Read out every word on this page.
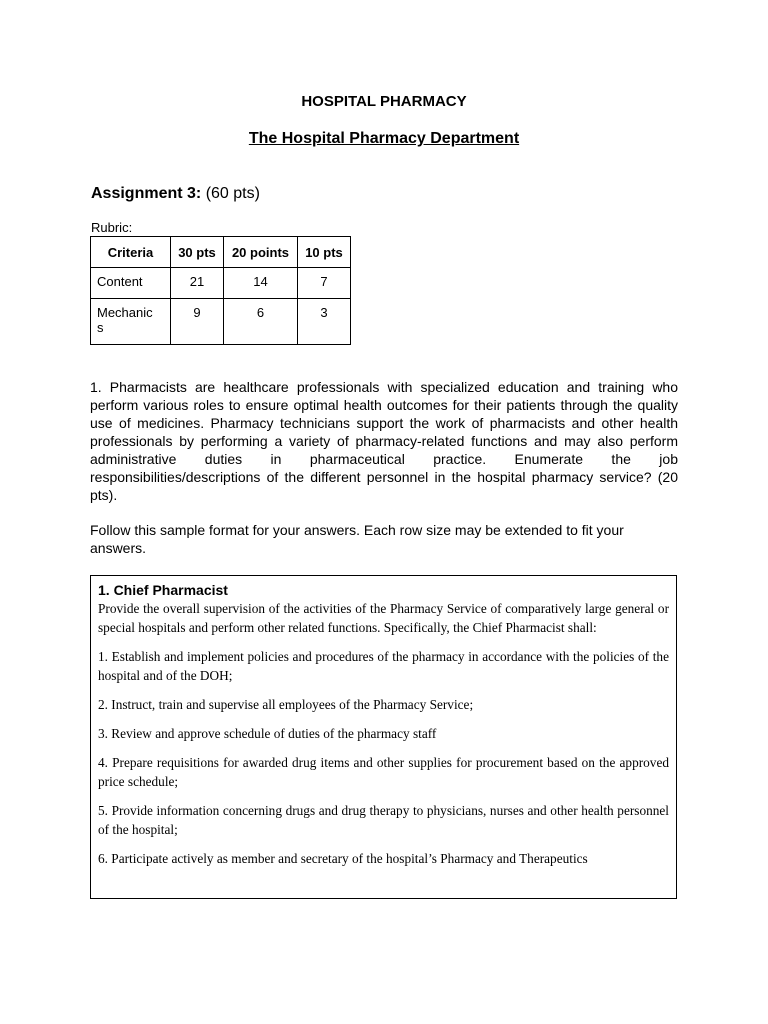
HOSPITAL PHARMACY
The Hospital Pharmacy Department
Assignment 3: (60 pts)
Rubric:
Criteria	30 pts	20 points	10 pts
Content	21	14	7
Mechanics	9	6	3
1. Pharmacists are healthcare professionals with specialized education and training who perform various roles to ensure optimal health outcomes for their patients through the quality use of medicines. Pharmacy technicians support the work of pharmacists and other health professionals by performing a variety of pharmacy-related functions and may also perform administrative duties in pharmaceutical practice. Enumerate the job responsibilities/descriptions of the different personnel in the hospital pharmacy service? (20 pts).
Follow this sample format for your answers. Each row size may be extended to fit your answers.
1. Chief Pharmacist
Provide the overall supervision of the activities of the Pharmacy Service of comparatively large general or special hospitals and perform other related functions. Specifically, the Chief Pharmacist shall:
1. Establish and implement policies and procedures of the pharmacy in accordance with the policies of the hospital and of the DOH;
2. Instruct, train and supervise all employees of the Pharmacy Service;
3. Review and approve schedule of duties of the pharmacy staff
4. Prepare requisitions for awarded drug items and other supplies for procurement based on the approved price schedule;
5. Provide information concerning drugs and drug therapy to physicians, nurses and other health personnel of the hospital;
6. Participate actively as member and secretary of the hospital’s Pharmacy and Therapeutics
